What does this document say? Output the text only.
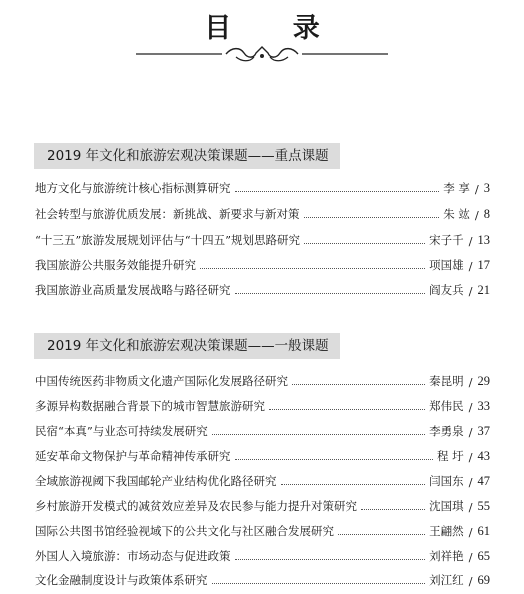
目 录
2019 年文化和旅游宏观决策课题——重点课题
地方文化与旅游统计核心指标测算研究	李 享 / 3
社会转型与旅游优质发展：新挑战、新要求与新对策	朱 竑 / 8
“十三五”旅游发展规划评估与“十四五”规划思路研究	宋子千 / 13
我国旅游公共服务效能提升研究	项国雄 / 17
我国旅游业高质量发展战略与路径研究	阎友兵 / 21
2019 年文化和旅游宏观决策课题——一般课题
中国传统医药非物质文化遗产国际化发展路径研究	秦昆明 / 29
多源异构数据融合背景下的城市智慧旅游研究	郑伟民 / 33
民宿“本真”与业态可持续发展研究	李勇泉 / 37
延安革命文物保护与革命精神传承研究	程 圩 / 43
全域旅游视阈下我国邮轮产业结构优化路径研究	闫国东 / 47
乡村旅游开发模式的减贫效应差异及农民参与能力提升对策研究	沈国琪 / 55
国际公共图书馆经验视域下的公共文化与社区融合发展研究	王翩然 / 61
外国人入境旅游：市场动态与促进政策	刘祥艳 / 65
文化金融制度设计与政策体系研究	刘江红 / 69
